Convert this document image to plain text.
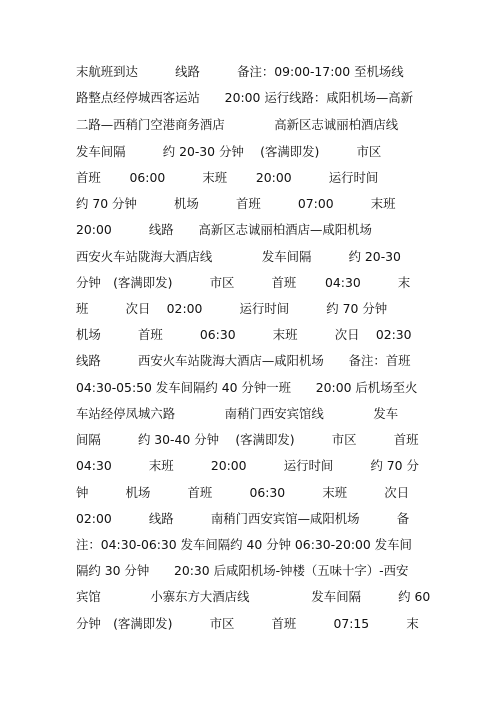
末航班到达　　　线路　　　备注：09:00-17:00 至机场线
路整点经停城西客运站　　20:00 运行线路：咸阳机场—高新
二路—西稍门空港商务酒店　　　　高新区志诚丽柏酒店线
发车间隔　　　约 20-30 分钟　 (客满即发)　　　市区
首班　　 06:00　　　末班　　 20:00　　　运行时间
约 70 分钟　　　机场　　　首班　　　07:00　　　末班
20:00　　　线路　　高新区志诚丽柏酒店—咸阳机场
西安火车站陇海大酒店线　　　　发车间隔　　　约 20-30
分钟　(客满即发)　　　市区　　　首班　　 04:30　　　末
班　　　次日　 02:00　　　运行时间　　　约 70 分钟
机场　　　首班　　　06:30　　　末班　　　次日　 02:30
线路　　　西安火车站陇海大酒店—咸阳机场　　备注：首班
04:30-05:50 发车间隔约 40 分钟一班　　20:00 后机场至火
车站经停凤城六路　　　　南稍门西安宾馆线　　　　发车
间隔　　　约 30-40 分钟　 (客满即发)　　　市区　　　首班
04:30　　　末班　　　20:00　　　运行时间　　　约 70 分
钟　　　机场　　　首班　　　06:30　　　末班　　　次日
02:00　　　线路　　　南稍门西安宾馆—咸阳机场　　　备
注：04:30-06:30 发车间隔约 40 分钟 06:30-20:00 发车间
隔约 30 分钟　　20:30 后咸阳机场-钟楼（五味十字）-西安
宾馆　　　　小寨东方大酒店线　　　　　发车间隔　　　约 60
分钟　(客满即发)　　　市区　　　首班　　　07:15　　　末
